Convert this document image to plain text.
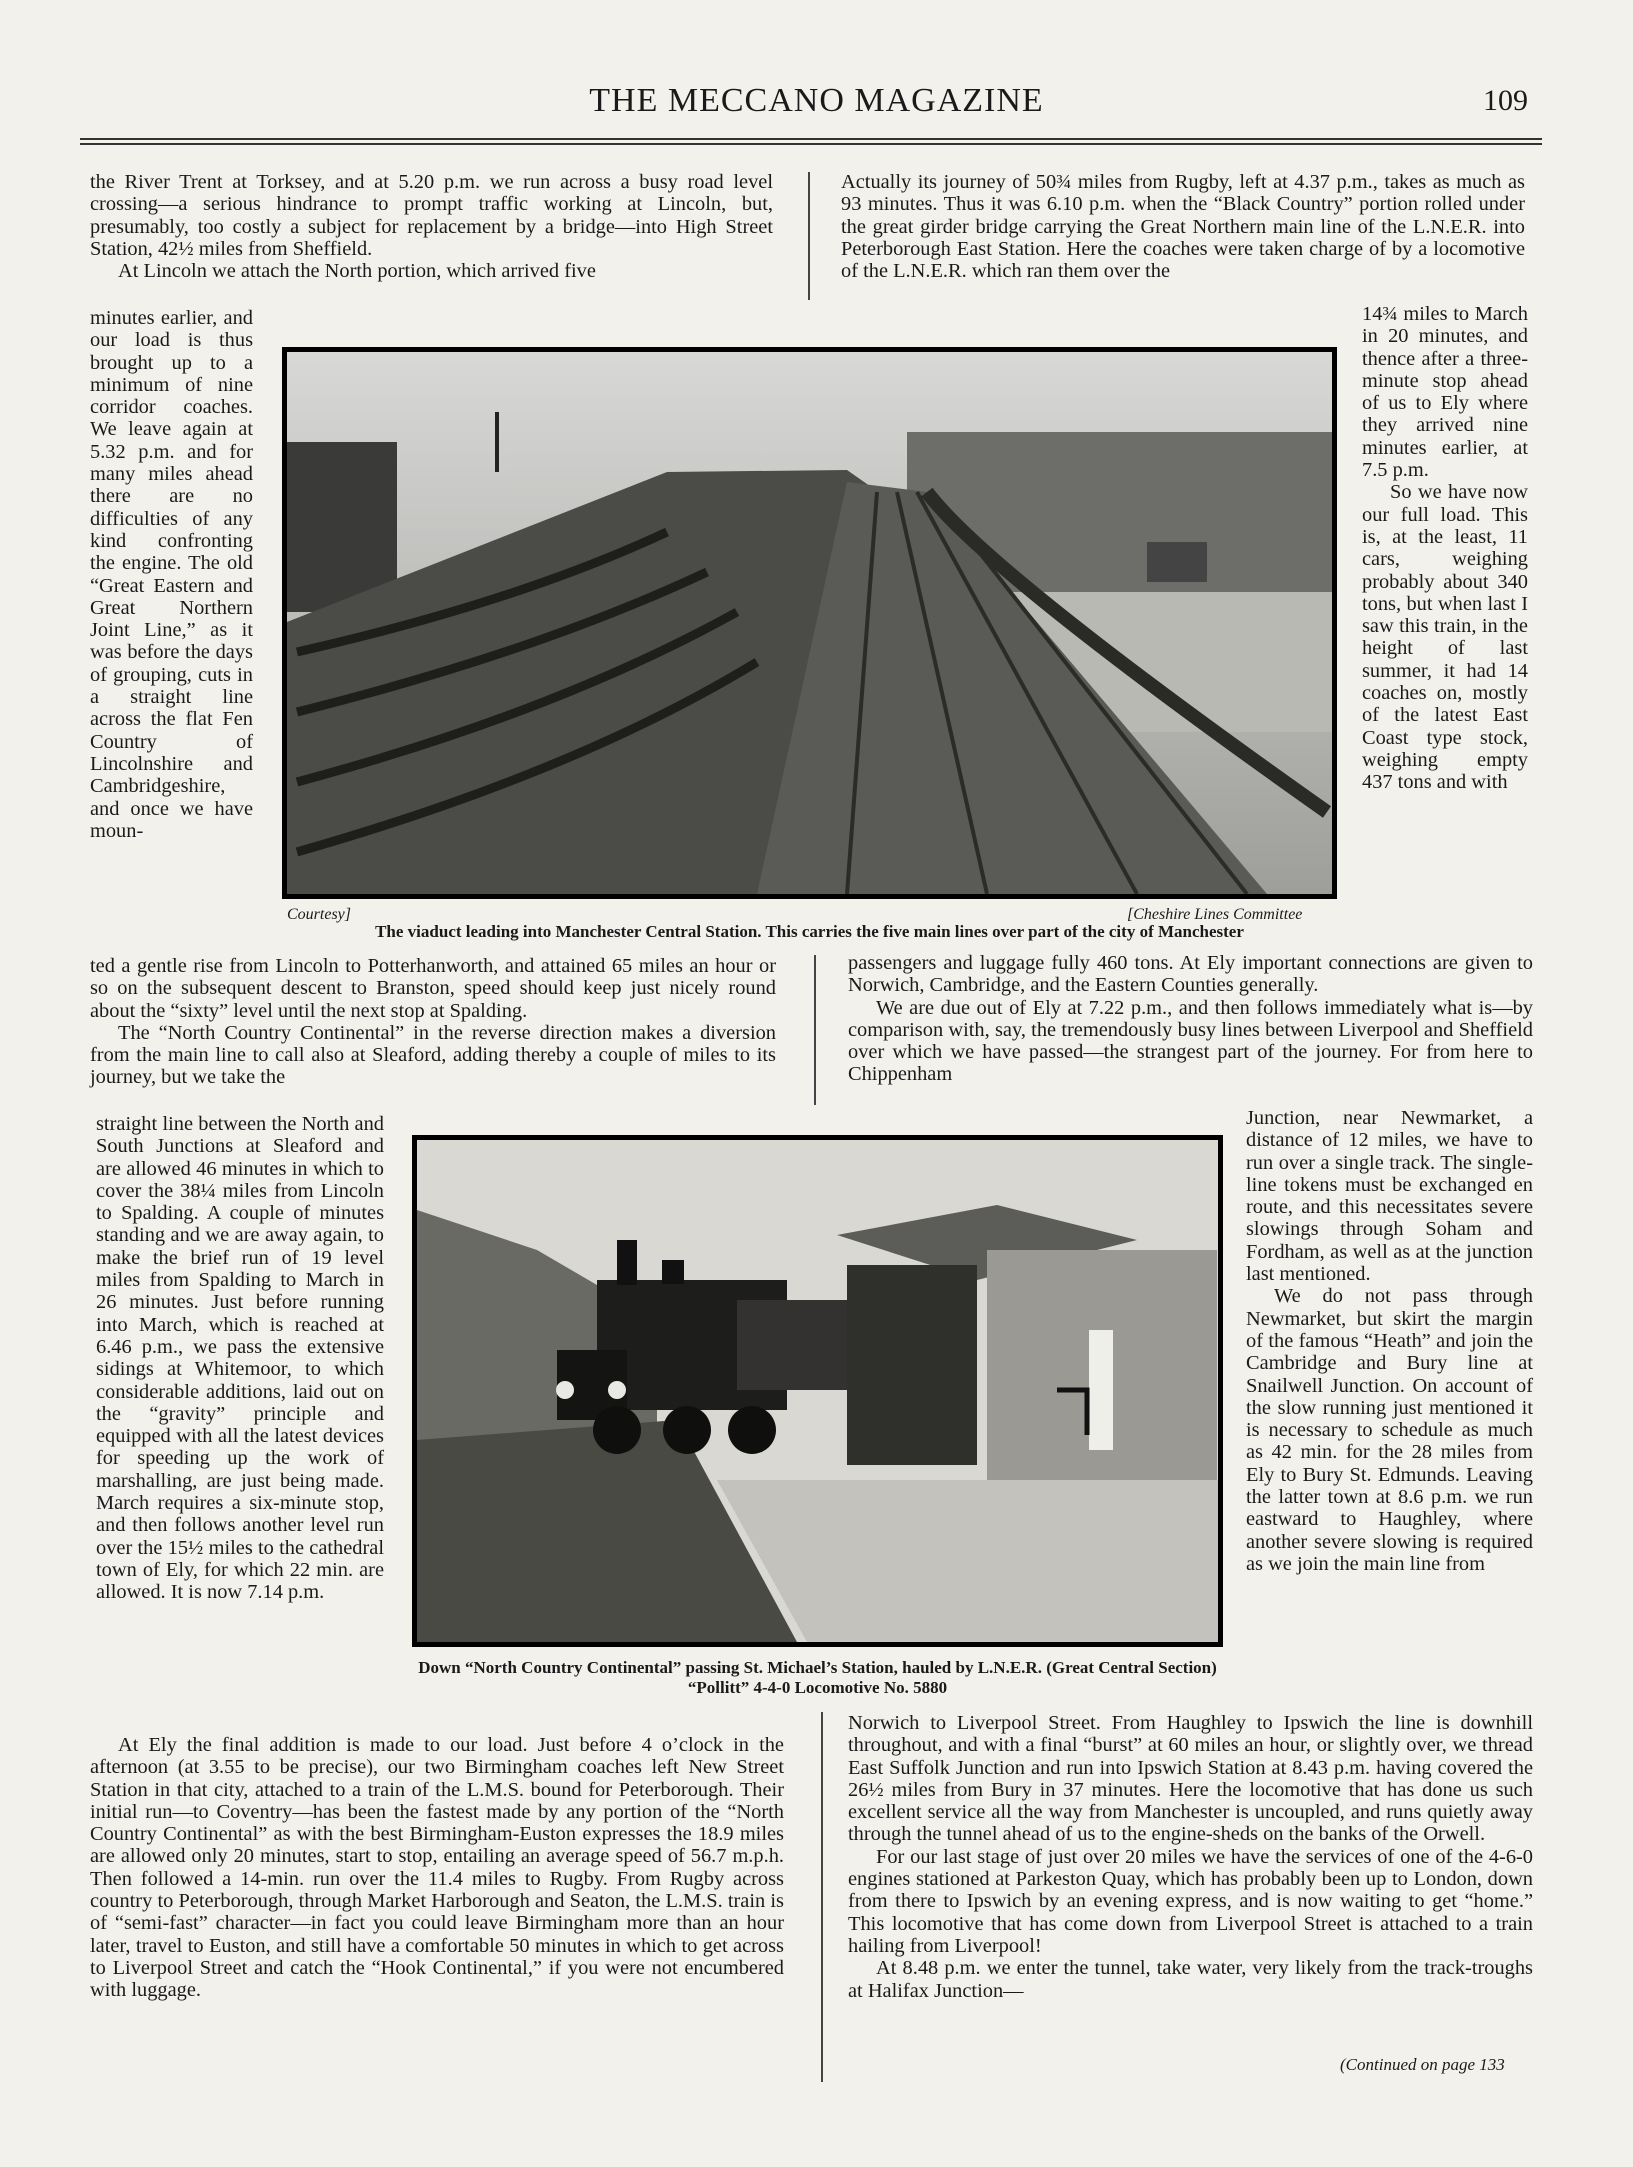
THE MECCANO MAGAZINE	109

the River Trent at Torksey, and at 5.20 p.m. we run across a busy road level crossing—a serious hindrance to prompt traffic working at Lincoln, but, presumably, too costly a subject for replacement by a bridge—into High Street Station, 42½ miles from Sheffield.

At Lincoln we attach the North portion, which arrived five

minutes earlier, and our load is thus brought up to a minimum of nine corridor coaches. We leave again at 5.32 p.m. and for many miles ahead there are no difficulties of any kind confronting the engine. The old “Great Eastern and Great Northern Joint Line,” as it was before the days of grouping, cuts in a straight line across the flat Fen Country of Lincolnshire and Cambridgeshire, and once we have moun-

ted a gentle rise from Lincoln to Potterhanworth, and attained 65 miles an hour or so on the subsequent descent to Branston, speed should keep just nicely round about the “sixty” level until the next stop at Spalding.

The “North Country Continental” in the reverse direction makes a diversion from the main line to call also at Sleaford, adding thereby a couple of miles to its journey, but we take the

straight line between the North and South Junctions at Sleaford and are allowed 46 minutes in which to cover the 38¼ miles from Lincoln to Spalding. A couple of minutes standing and we are away again, to make the brief run of 19 level miles from Spalding to March in 26 minutes. Just before running into March, which is reached at 6.46 p.m., we pass the extensive sidings at Whitemoor, to which considerable additions, laid out on the “gravity” principle and equipped with all the latest devices for speeding up the work of marshalling, are just being made. March requires a six-minute stop, and then follows another level run over the 15½ miles to the cathedral town of Ely, for which 22 min. are allowed. It is now 7.14 p.m.

At Ely the final addition is made to our load. Just before 4 o’clock in the afternoon (at 3.55 to be precise), our two Birmingham coaches left New Street Station in that city, attached to a train of the L.M.S. bound for Peterborough. Their initial run—to Coventry—has been the fastest made by any portion of the “North Country Continental” as with the best Birmingham-Euston expresses the 18.9 miles are allowed only 20 minutes, start to stop, entailing an average speed of 56.7 m.p.h. Then followed a 14-min. run over the 11.4 miles to Rugby. From Rugby across country to Peterborough, through Market Harborough and Seaton, the L.M.S. train is of “semi-fast” character—in fact you could leave Birmingham more than an hour later, travel to Euston, and still have a comfortable 50 minutes in which to get across to Liverpool Street and catch the “Hook Continental,” if you were not encumbered with luggage.

Actually its journey of 50¾ miles from Rugby, left at 4.37 p.m., takes as much as 93 minutes. Thus it was 6.10 p.m. when the “Black Country” portion rolled under the great girder bridge carrying the Great Northern main line of the L.N.E.R. into Peterborough East Station. Here the coaches were taken charge of by a locomotive of the L.N.E.R. which ran them over the

14¾ miles to March in 20 minutes, and thence after a three-minute stop ahead of us to Ely where they arrived nine minutes earlier, at 7.5 p.m.

So we have now our full load. This is, at the least, 11 cars, weighing probably about 340 tons, but when last I saw this train, in the height of last summer, it had 14 coaches on, mostly of the latest East Coast type stock, weighing empty 437 tons and with

passengers and luggage fully 460 tons. At Ely important connections are given to Norwich, Cambridge, and the Eastern Counties generally.

We are due out of Ely at 7.22 p.m., and then follows immediately what is—by comparison with, say, the tremendously busy lines between Liverpool and Sheffield over which we have passed—the strangest part of the journey. For from here to Chippenham

Junction, near Newmarket, a distance of 12 miles, we have to run over a single track. The single-line tokens must be exchanged en route, and this necessitates severe slowings through Soham and Fordham, as well as at the junction last mentioned.

We do not pass through Newmarket, but skirt the margin of the famous “Heath” and join the Cambridge and Bury line at Snailwell Junction. On account of the slow running just mentioned it is necessary to schedule as much as 42 min. for the 28 miles from Ely to Bury St. Edmunds. Leaving the latter town at 8.6 p.m. we run eastward to Haughley, where another severe slowing is required as we join the main line from

Norwich to Liverpool Street. From Haughley to Ipswich the line is downhill throughout, and with a final “burst” at 60 miles an hour, or slightly over, we thread East Suffolk Junction and run into Ipswich Station at 8.43 p.m. having covered the 26½ miles from Bury in 37 minutes. Here the locomotive that has done us such excellent service all the way from Manchester is uncoupled, and runs quietly away through the tunnel ahead of us to the engine-sheds on the banks of the Orwell.

For our last stage of just over 20 miles we have the services of one of the 4-6-0 engines stationed at Parkeston Quay, which has probably been up to London, down from there to Ipswich by an evening express, and is now waiting to get “home.” This locomotive that has come down from Liverpool Street is attached to a train hailing from Liverpool!

At 8.48 p.m. we enter the tunnel, take water, very likely from the track-troughs at Halifax Junction—

(Continued on page 133
Courtesy]	[Cheshire Lines Committee
The viaduct leading into Manchester Central Station. This carries the five main lines over part of the city of Manchester
Down “North Country Continental” passing St. Michael’s Station, hauled by L.N.E.R. (Great Central Section) “Pollitt” 4-4-0 Locomotive No. 5880
